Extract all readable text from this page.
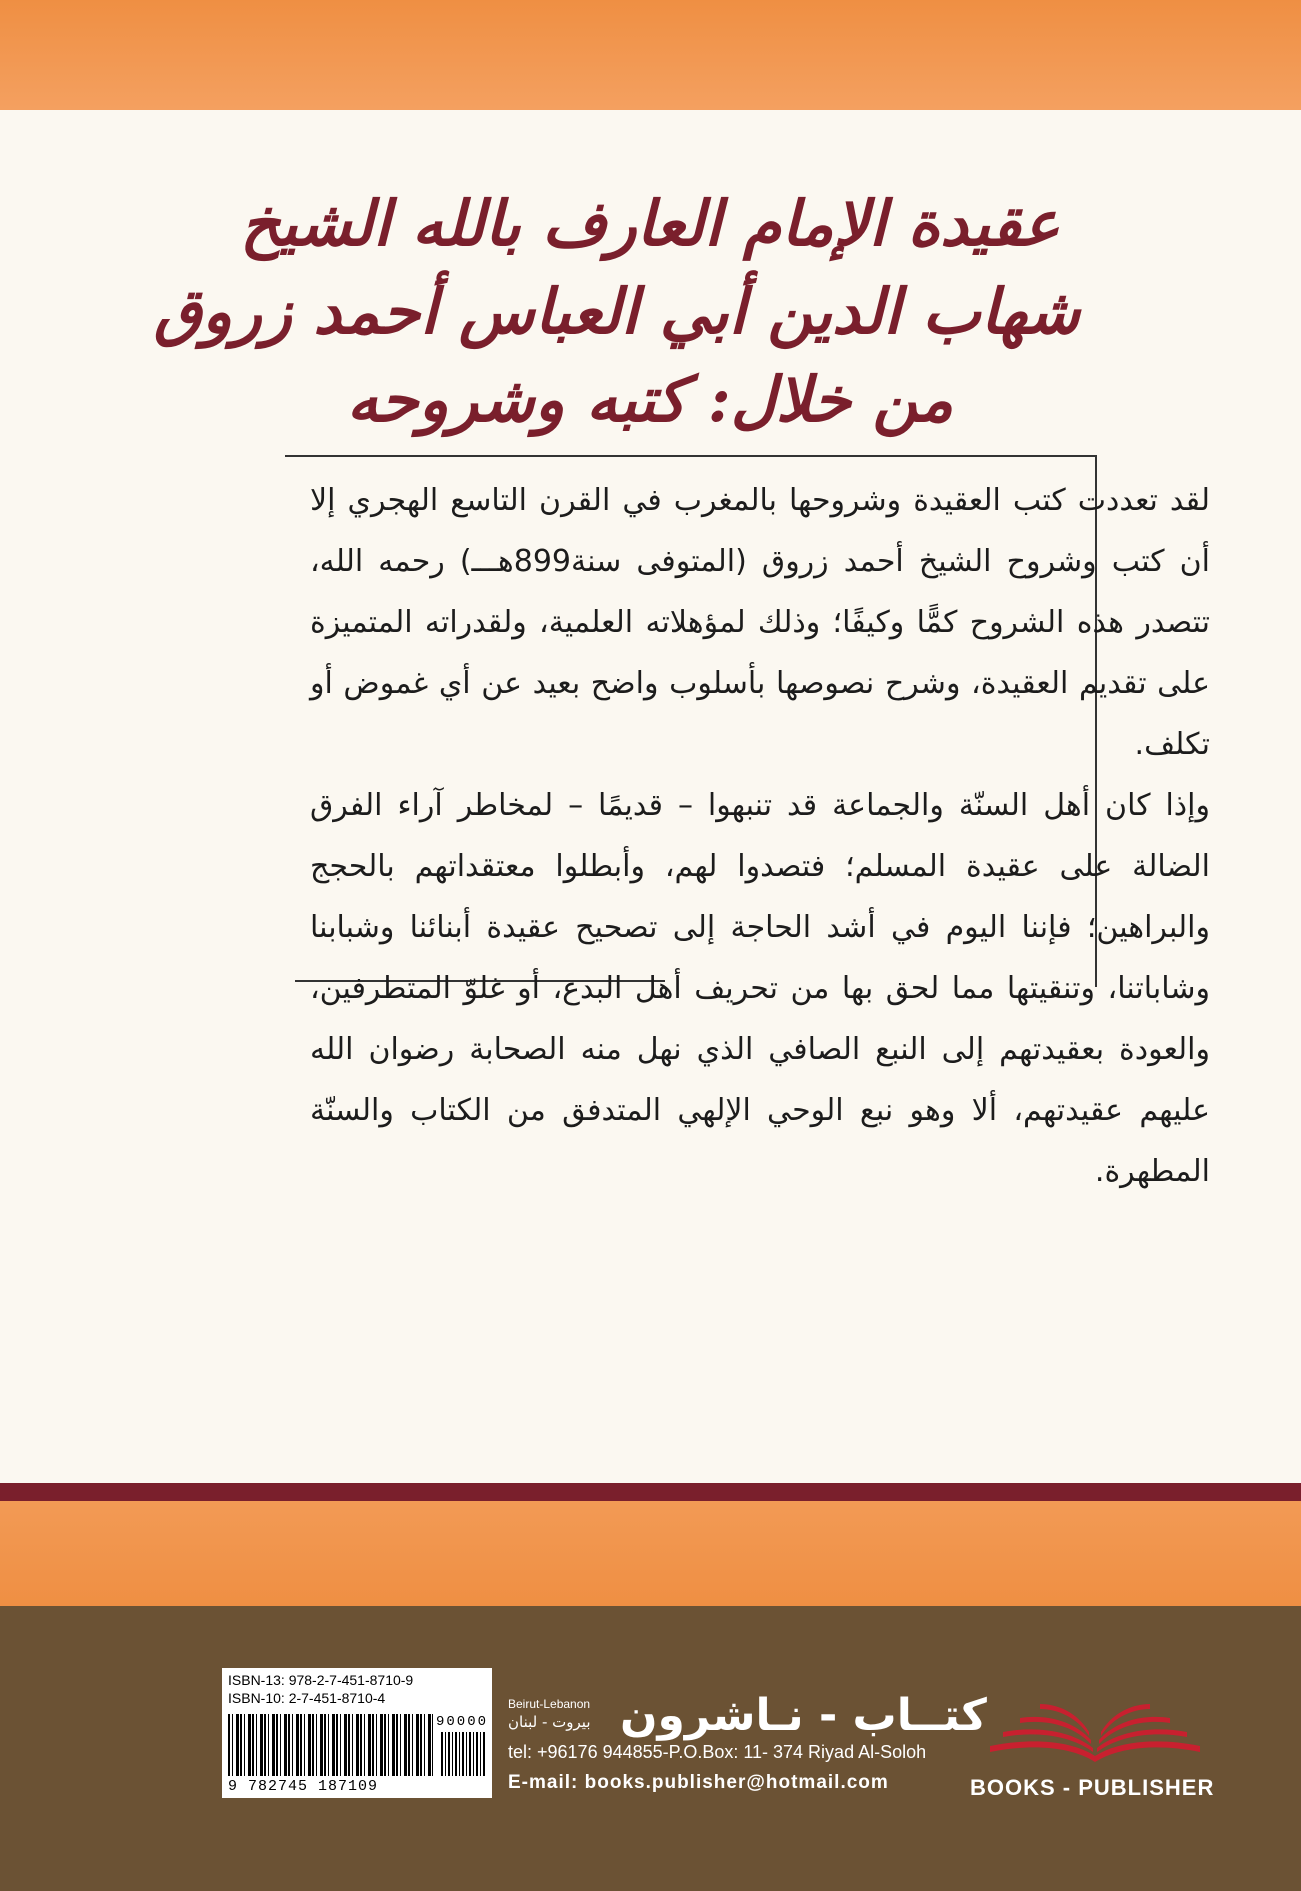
عقيدة الإمام العارف بالله الشيخ
شهاب الدين أبي العباس أحمد زروق
من خلال: كتبه وشروحه

لقد تعددت كتب العقيدة وشروحها بالمغرب في القرن التاسع الهجري إلا أن كتب وشروح الشيخ أحمد زروق (المتوفى سنة899هـــ) رحمه الله، تتصدر هذه الشروح كمًّا وكيفًا؛ وذلك لمؤهلاته العلمية، ولقدراته المتميزة على تقديم العقيدة، وشرح نصوصها بأسلوب واضح بعيد عن أي غموض أو تكلف.

وإذا كان أهل السنّة والجماعة قد تنبهوا – قديمًا – لمخاطر آراء الفرق الضالة على عقيدة المسلم؛ فتصدوا لهم، وأبطلوا معتقداتهم بالحجج والبراهين؛ فإننا اليوم في أشد الحاجة إلى تصحيح عقيدة أبنائنا وشبابنا وشاباتنا، وتنقيتها مما لحق بها من تحريف أهل البدع، أو غلوّ المتطرفين، والعودة بعقيدتهم إلى النبع الصافي الذي نهل منه الصحابة رضوان الله عليهم عقيدتهم، ألا وهو نبع الوحي الإلهي المتدفق من الكتاب والسنّة المطهرة.

ISBN-13: 978-2-7-451-8710-9
ISBN-10: 2-7-451-8710-4
90000
9 782745 187109
كتــاب - نـاشرون
Beirut-Lebanon
بيروت - لبنان
tel: +96176 944855-P.O.Box: 11- 374 Riyad Al-Soloh
E-mail: books.publisher@hotmail.com	BOOKS - PUBLISHER
